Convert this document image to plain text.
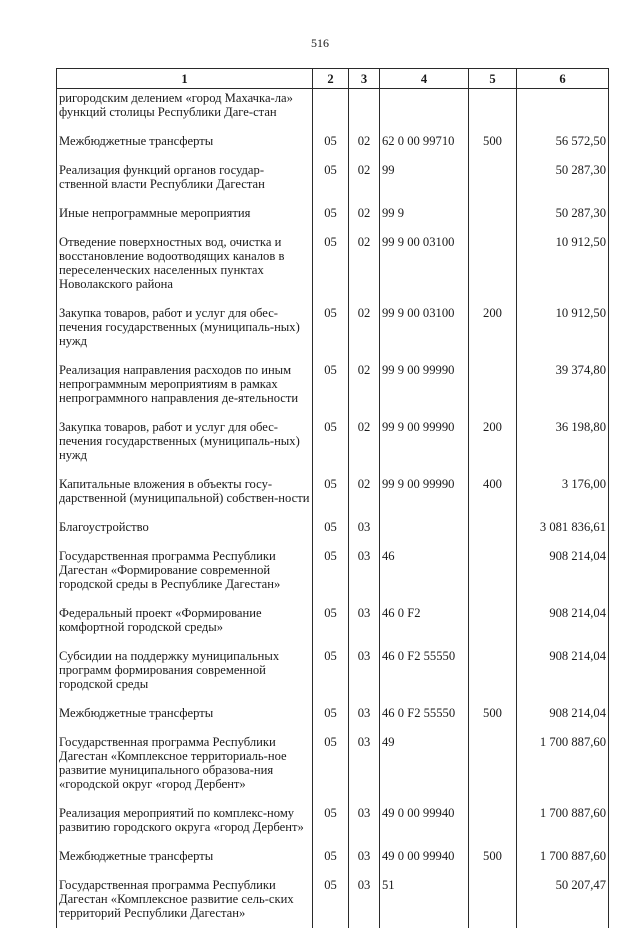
516
1	2	3	4	5	6
ригородским делением «город Махачка-ла» функций столицы Республики Даге-стан					
Межбюджетные трансферты	05	02	62 0 00 99710	500	56 572,50
Реализация функций органов государ-ственной власти Республики Дагестан	05	02	99		50 287,30
Иные непрограммные мероприятия	05	02	99 9		50 287,30
Отведение поверхностных вод, очистка и восстановление водоотводящих каналов в переселенческих населенных пунктах Новолакского района	05	02	99 9 00 03100		10 912,50
Закупка товаров, работ и услуг для обес-печения государственных (муниципаль-ных) нужд	05	02	99 9 00 03100	200	10 912,50
Реализация направления расходов по иным непрограммным мероприятиям в рамках непрограммного направления де-ятельности	05	02	99 9 00 99990		39 374,80
Закупка товаров, работ и услуг для обес-печения государственных (муниципаль-ных) нужд	05	02	99 9 00 99990	200	36 198,80
Капитальные вложения в объекты госу-дарственной (муниципальной) собствен-ности	05	02	99 9 00 99990	400	3 176,00
Благоустройство	05	03			3 081 836,61
Государственная программа Республики Дагестан «Формирование современной городской среды в Республике Дагестан»	05	03	46		908 214,04
Федеральный проект «Формирование комфортной городской среды»	05	03	46 0 F2		908 214,04
Субсидии на поддержку муниципальных программ формирования современной городской среды	05	03	46 0 F2 55550		908 214,04
Межбюджетные трансферты	05	03	46 0 F2 55550	500	908 214,04
Государственная программа Республики Дагестан «Комплексное территориаль-ное развитие муниципального образова-ния «городской округ «город Дербент»	05	03	49		1 700 887,60
Реализация мероприятий по комплекс-ному развитию городского округа «город Дербент»	05	03	49 0 00 99940		1 700 887,60
Межбюджетные трансферты	05	03	49 0 00 99940	500	1 700 887,60
Государственная программа Республики Дагестан «Комплексное развитие сель-ских территорий Республики Дагестан»	05	03	51		50 207,47
